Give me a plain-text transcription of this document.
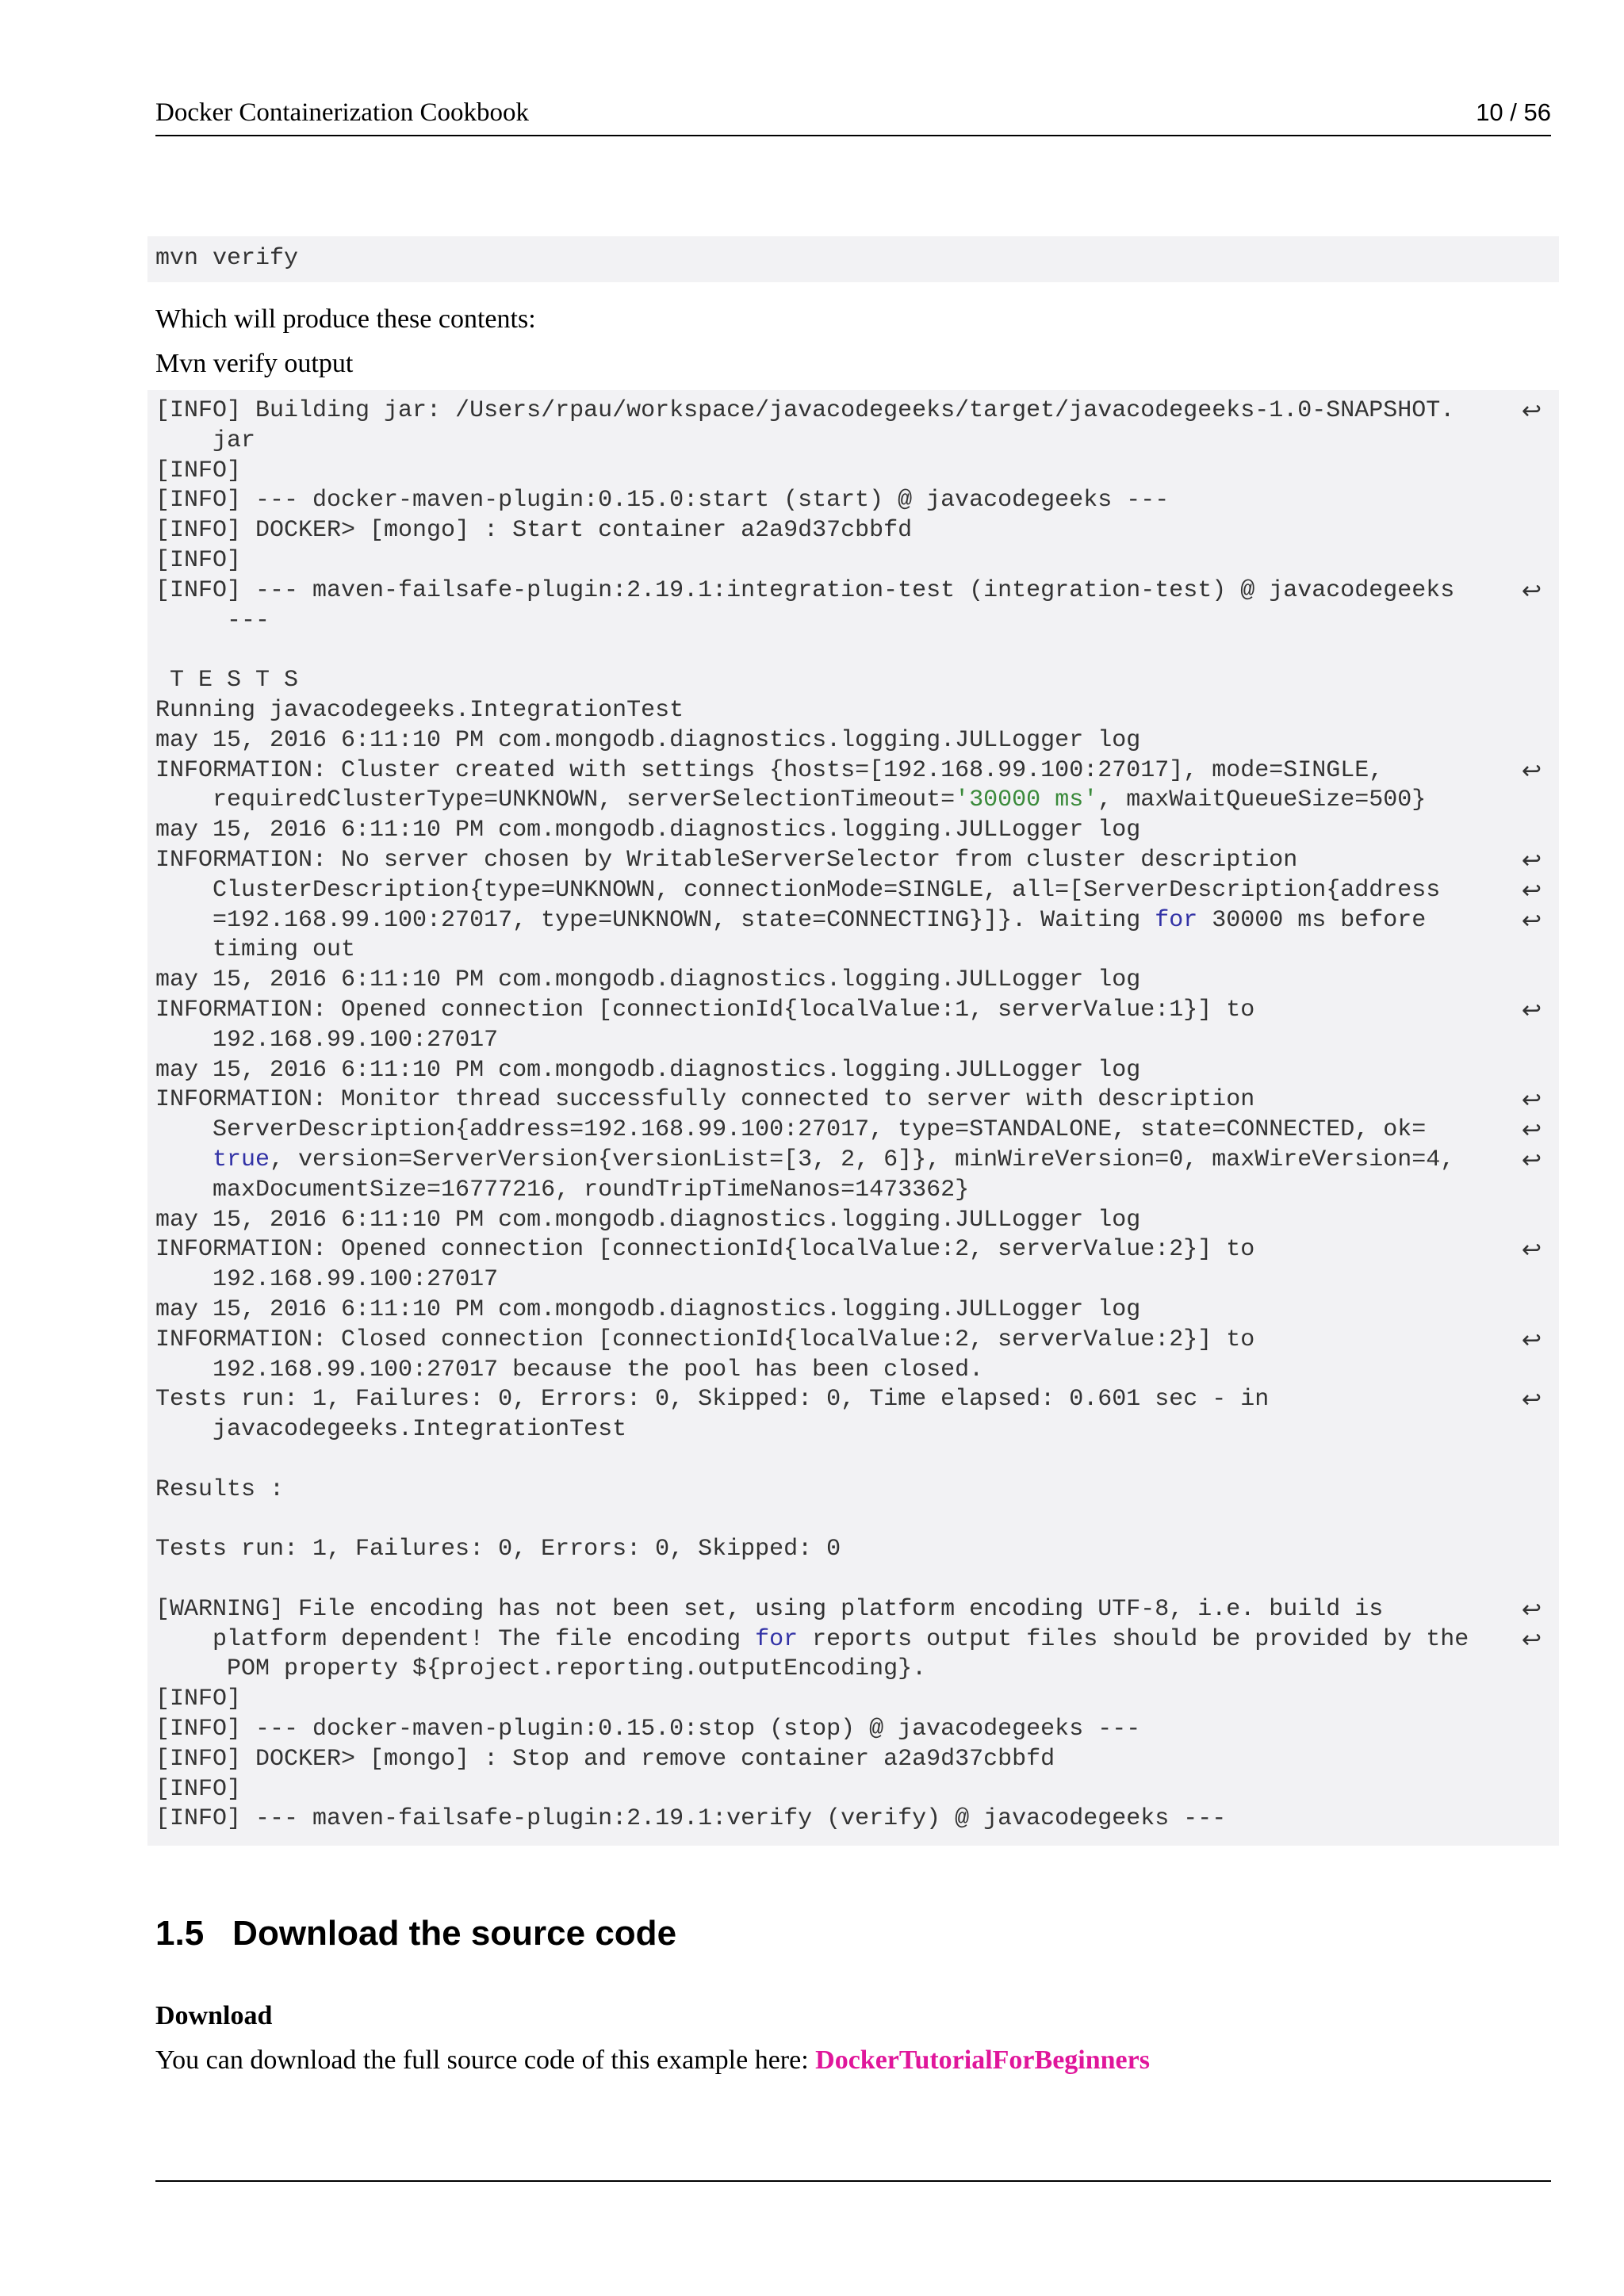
Docker Containerization Cookbook	10 / 56
mvn verify
Which will produce these contents:
Mvn verify output
[INFO] Building jar: /Users/rpau/workspace/javacodegeeks/target/javacodegeeks-1.0-SNAPSHOT.	↩
jar
[INFO]
[INFO] --- docker-maven-plugin:0.15.0:start (start) @ javacodegeeks ---
[INFO] DOCKER> [mongo] : Start container a2a9d37cbbfd
[INFO]
[INFO] --- maven-failsafe-plugin:2.19.1:integration-test (integration-test) @ javacodegeeks	↩
---
T E S T S
Running javacodegeeks.IntegrationTest
may 15, 2016 6:11:10 PM com.mongodb.diagnostics.logging.JULLogger log
INFORMATION: Cluster created with settings {hosts=[192.168.99.100:27017], mode=SINGLE,	↩
requiredClusterType=UNKNOWN, serverSelectionTimeout='30000 ms', maxWaitQueueSize=500}
may 15, 2016 6:11:10 PM com.mongodb.diagnostics.logging.JULLogger log
INFORMATION: No server chosen by WritableServerSelector from cluster description	↩
ClusterDescription{type=UNKNOWN, connectionMode=SINGLE, all=[ServerDescription{address	↩
=192.168.99.100:27017, type=UNKNOWN, state=CONNECTING}]}. Waiting for 30000 ms before	↩
timing out
may 15, 2016 6:11:10 PM com.mongodb.diagnostics.logging.JULLogger log
INFORMATION: Opened connection [connectionId{localValue:1, serverValue:1}] to	↩
192.168.99.100:27017
may 15, 2016 6:11:10 PM com.mongodb.diagnostics.logging.JULLogger log
INFORMATION: Monitor thread successfully connected to server with description	↩
ServerDescription{address=192.168.99.100:27017, type=STANDALONE, state=CONNECTED, ok=	↩
true, version=ServerVersion{versionList=[3, 2, 6]}, minWireVersion=0, maxWireVersion=4,	↩
maxDocumentSize=16777216, roundTripTimeNanos=1473362}
may 15, 2016 6:11:10 PM com.mongodb.diagnostics.logging.JULLogger log
INFORMATION: Opened connection [connectionId{localValue:2, serverValue:2}] to	↩
192.168.99.100:27017
may 15, 2016 6:11:10 PM com.mongodb.diagnostics.logging.JULLogger log
INFORMATION: Closed connection [connectionId{localValue:2, serverValue:2}] to	↩
192.168.99.100:27017 because the pool has been closed.
Tests run: 1, Failures: 0, Errors: 0, Skipped: 0, Time elapsed: 0.601 sec - in	↩
javacodegeeks.IntegrationTest
Results :
Tests run: 1, Failures: 0, Errors: 0, Skipped: 0
[WARNING] File encoding has not been set, using platform encoding UTF-8, i.e. build is	↩
platform dependent! The file encoding for reports output files should be provided by the ↩
POM property ${project.reporting.outputEncoding}.
[INFO]
[INFO] --- docker-maven-plugin:0.15.0:stop (stop) @ javacodegeeks ---
[INFO] DOCKER> [mongo] : Stop and remove container a2a9d37cbbfd
[INFO]
[INFO] --- maven-failsafe-plugin:2.19.1:verify (verify) @ javacodegeeks ---
1.5 Download the source code
Download
You can download the full source code of this example here: DockerTutorialForBeginners
